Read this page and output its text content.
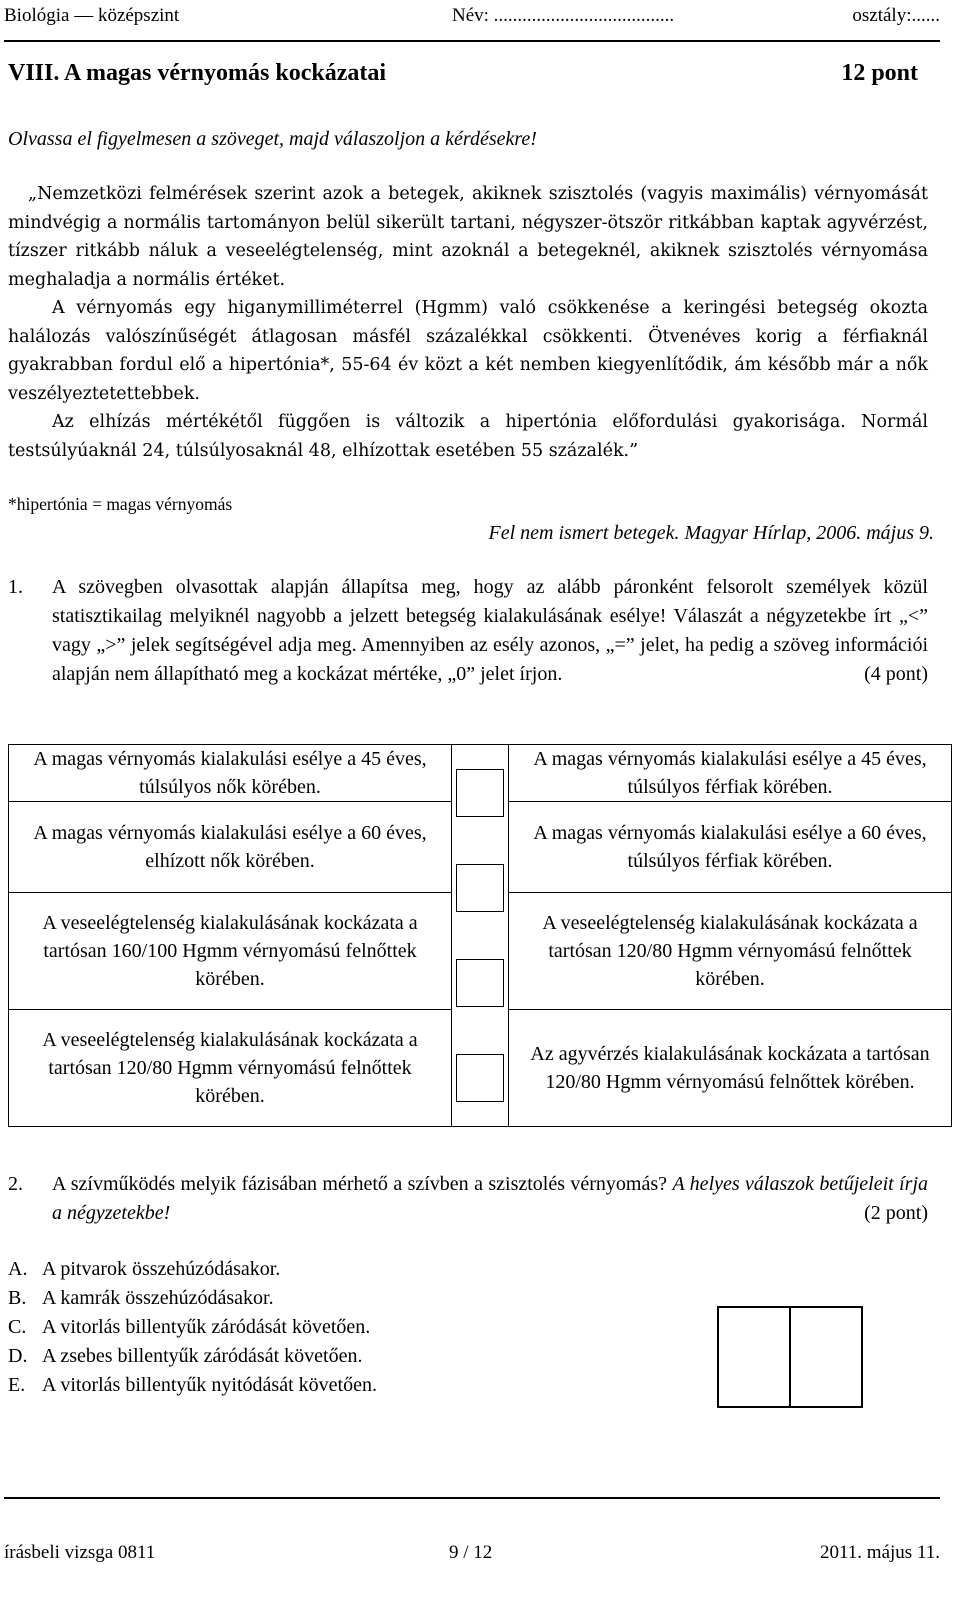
Biológia — középszint	Név: ......................................	osztály:......
VIII. A magas vérnyomás kockázatai	12 pont
Olvassa el figyelmesen a szöveget, majd válaszoljon a kérdésekre!

„Nemzetközi felmérések szerint azok a betegek, akiknek szisztolés (vagyis maximális) vérnyomását mindvégig a normális tartományon belül sikerült tartani, négyszer-ötször ritkábban kaptak agyvérzést, tízszer ritkább náluk a veseelégtelenség, mint azoknál a betegeknél, akiknek szisztolés vérnyomása meghaladja a normális értéket.

A vérnyomás egy higanymilliméterrel (Hgmm) való csökkenése a keringési betegség okozta halálozás valószínűségét átlagosan másfél százalékkal csökkenti. Ötvenéves korig a férfiaknál gyakrabban fordul elő a hipertónia*, 55-64 év közt a két nemben kiegyenlítődik, ám később már a nők veszélyeztetettebbek.

Az elhízás mértékétől függően is változik a hipertónia előfordulási gyakorisága. Normál testsúlyúaknál 24, túlsúlyosaknál 48, elhízottak esetében 55 százalék.”

*hipertónia = magas vérnyomás
Fel nem ismert betegek. Magyar Hírlap, 2006. május 9.
1. A szövegben olvasottak alapján állapítsa meg, hogy az alább páronként felsorolt személyek közül statisztikailag melyiknél nagyobb a jelzett betegség kialakulásának esélye! Válaszát a négyzetekbe írt „<” vagy „>” jelek segítségével adja meg. Amennyiben az esély azonos, „=” jelet, ha pedig a szöveg információi alapján nem állapítható meg a kockázat mértéke, „0” jelet írjon.	(4 pont)
A magas vérnyomás kialakulási esélye a 45 éves, túlsúlyos nők körében.		A magas vérnyomás kialakulási esélye a 45 éves, túlsúlyos férfiak körében.
A magas vérnyomás kialakulási esélye a 60 éves, elhízott nők körében.		A magas vérnyomás kialakulási esélye a 60 éves, túlsúlyos férfiak körében.
A veseelégtelenség kialakulásának kockázata a tartósan 160/100 Hgmm vérnyomású felnőttek körében.		A veseelégtelenség kialakulásának kockázata a tartósan 120/80 Hgmm vérnyomású felnőttek körében.
A veseelégtelenség kialakulásának kockázata a tartósan 120/80 Hgmm vérnyomású felnőttek körében.		Az agyvérzés kialakulásának kockázata a tartósan 120/80 Hgmm vérnyomású felnőttek körében.
2. A szívműködés melyik fázisában mérhető a szívben a szisztolés vérnyomás? A helyes válaszok betűjeleit írja a négyzetekbe!	(2 pont)
A. A pitvarok összehúzódásakor.
B. A kamrák összehúzódásakor.
C. A vitorlás billentyűk záródását követően.
D. A zsebes billentyűk záródását követően.
E. A vitorlás billentyűk nyitódását követően.
írásbeli vizsga 0811	9 / 12	2011. május 11.
